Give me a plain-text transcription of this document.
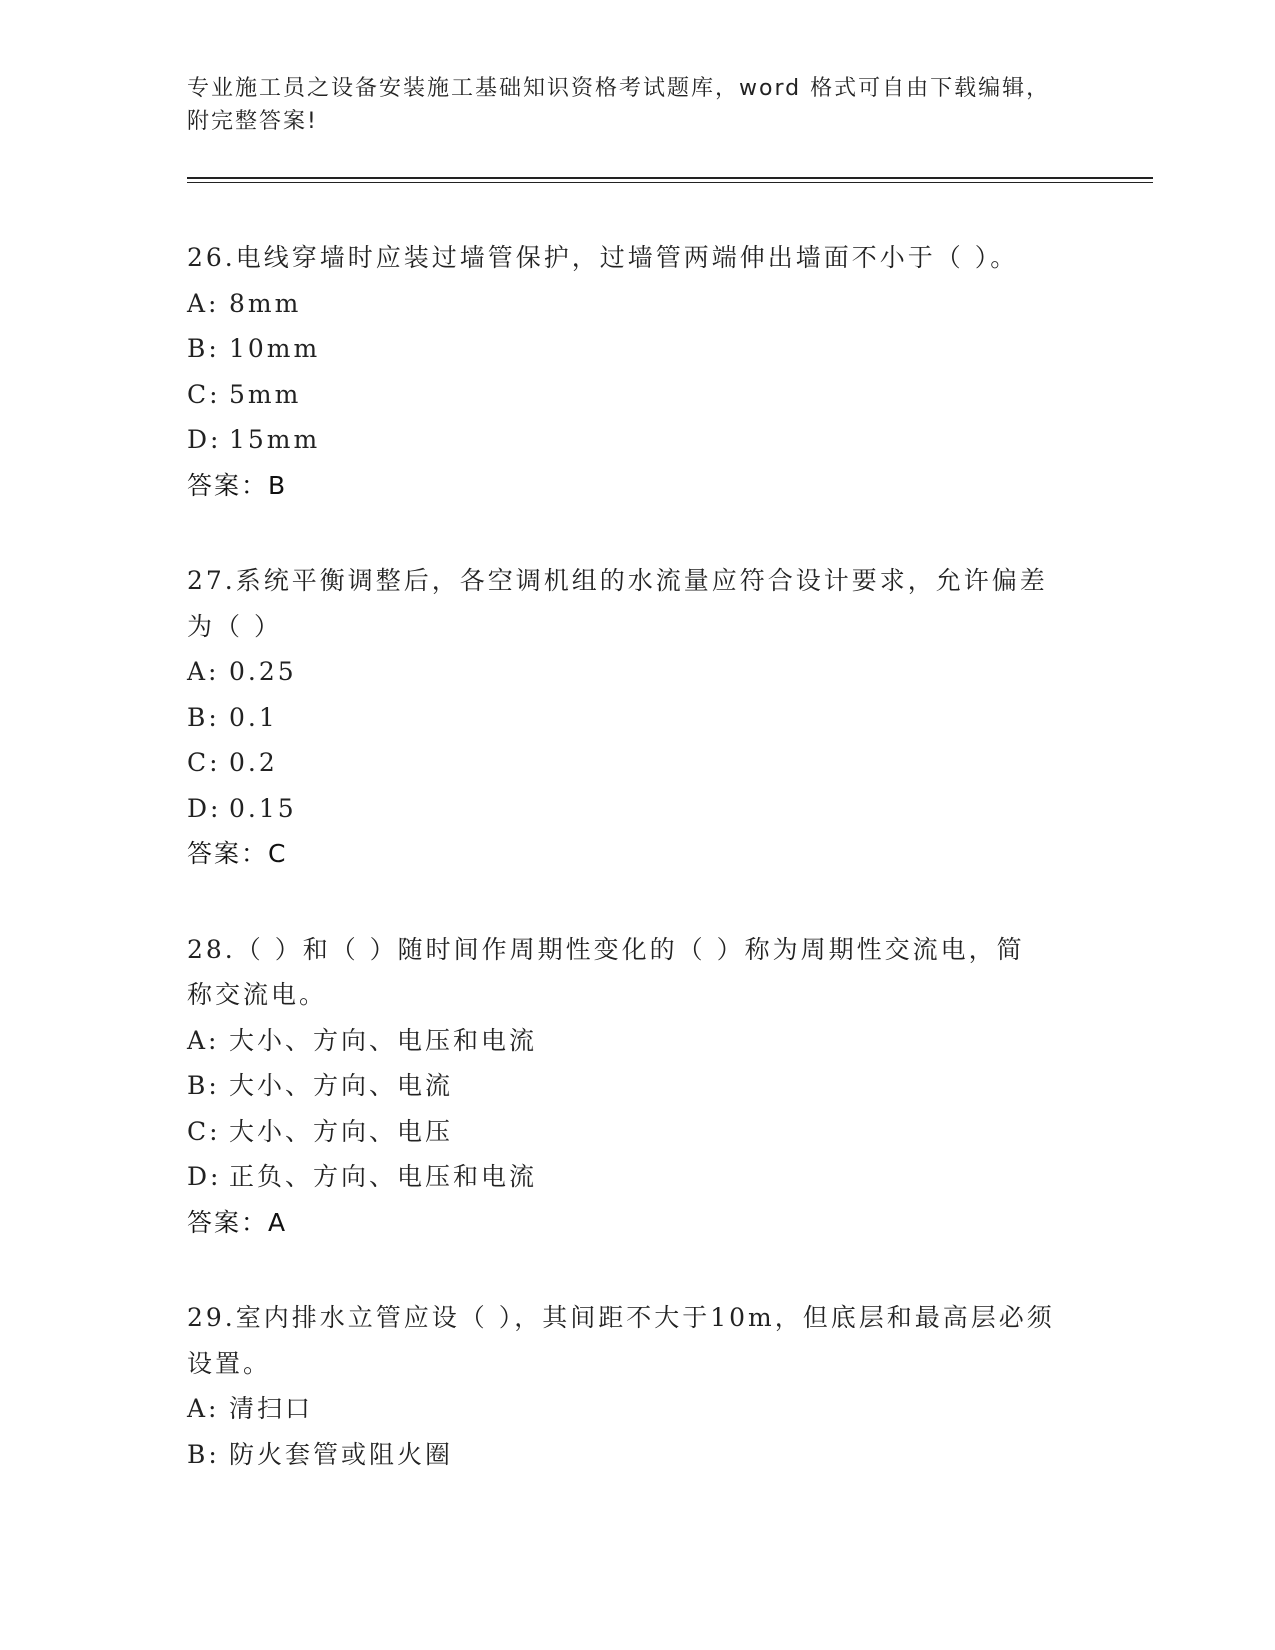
专业施工员之设备安装施工基础知识资格考试题库，word 格式可自由下载编辑，
附完整答案!
26.电线穿墙时应装过墙管保护，过墙管两端伸出墙面不小于（ ）。
A: 8mm
B: 10mm
C: 5mm
D: 15mm
答案：B
27.系统平衡调整后，各空调机组的水流量应符合设计要求，允许偏差
为（ ）
A: 0.25
B: 0.1
C: 0.2
D: 0.15
答案：C
28.（ ）和（ ）随时间作周期性变化的（ ）称为周期性交流电，简
称交流电。
A: 大小、方向、电压和电流
B: 大小、方向、电流
C: 大小、方向、电压
D: 正负、方向、电压和电流
答案：A
29.室内排水立管应设（ ），其间距不大于10m，但底层和最高层必须
设置。
A: 清扫口
B: 防火套管或阻火圈
